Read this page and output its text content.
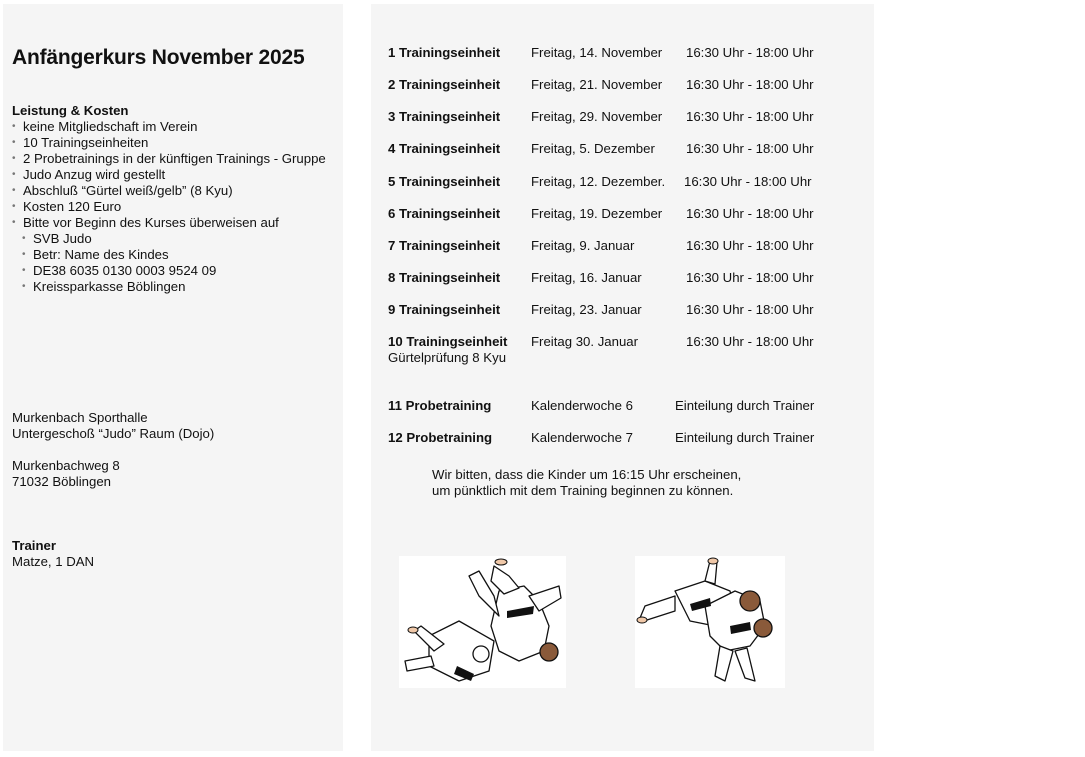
Anfängerkurs November 2025
Leistung & Kosten
• keine Mitgliedschaft im Verein
• 10 Trainingseinheiten
• 2 Probetrainings in der künftigen Trainings - Gruppe
• Judo Anzug wird gestellt
• Abschluß “Gürtel weiß/gelb” (8 Kyu)
• Kosten 120 Euro
• Bitte vor Beginn des Kurses überweisen auf
• SVB Judo
• Betr: Name des Kindes
• DE38 6035 0130 0003 9524 09
• Kreissparkasse Böblingen
Murkenbach Sporthalle
Untergeschoß “Judo” Raum (Dojo)
Murkenbachweg 8
71032 Böblingen
Trainer
Matze, 1 DAN
1 Trainingseinheit Freitag, 14. November 16:30 Uhr - 18:00 Uhr
2 Trainingseinheit Freitag, 21. November 16:30 Uhr - 18:00 Uhr
3 Trainingseinheit Freitag, 29. November 16:30 Uhr - 18:00 Uhr
4 Trainingseinheit Freitag, 5. Dezember 16:30 Uhr - 18:00 Uhr
5 Trainingseinheit Freitag, 12. Dezember. 16:30 Uhr - 18:00 Uhr
6 Trainingseinheit Freitag, 19. Dezember 16:30 Uhr - 18:00 Uhr
7 Trainingseinheit Freitag, 9. Januar	16:30 Uhr - 18:00 Uhr
8 Trainingseinheit Freitag, 16. Januar	16:30 Uhr - 18:00 Uhr
9 Trainingseinheit Freitag, 23. Januar	16:30 Uhr - 18:00 Uhr
10 Trainingseinheit
Gürtelprüfung 8 Kyu
Freitag 30. Januar	16:30 Uhr - 18:00 Uhr
11 Probetraining	Kalenderwoche 6	Einteilung durch Trainer
12 Probetraining	Kalenderwoche 7	Einteilung durch Trainer
Wir bitten, dass die Kinder um 16:15 Uhr erscheinen,
um pünktlich mit dem Training beginnen zu können.
